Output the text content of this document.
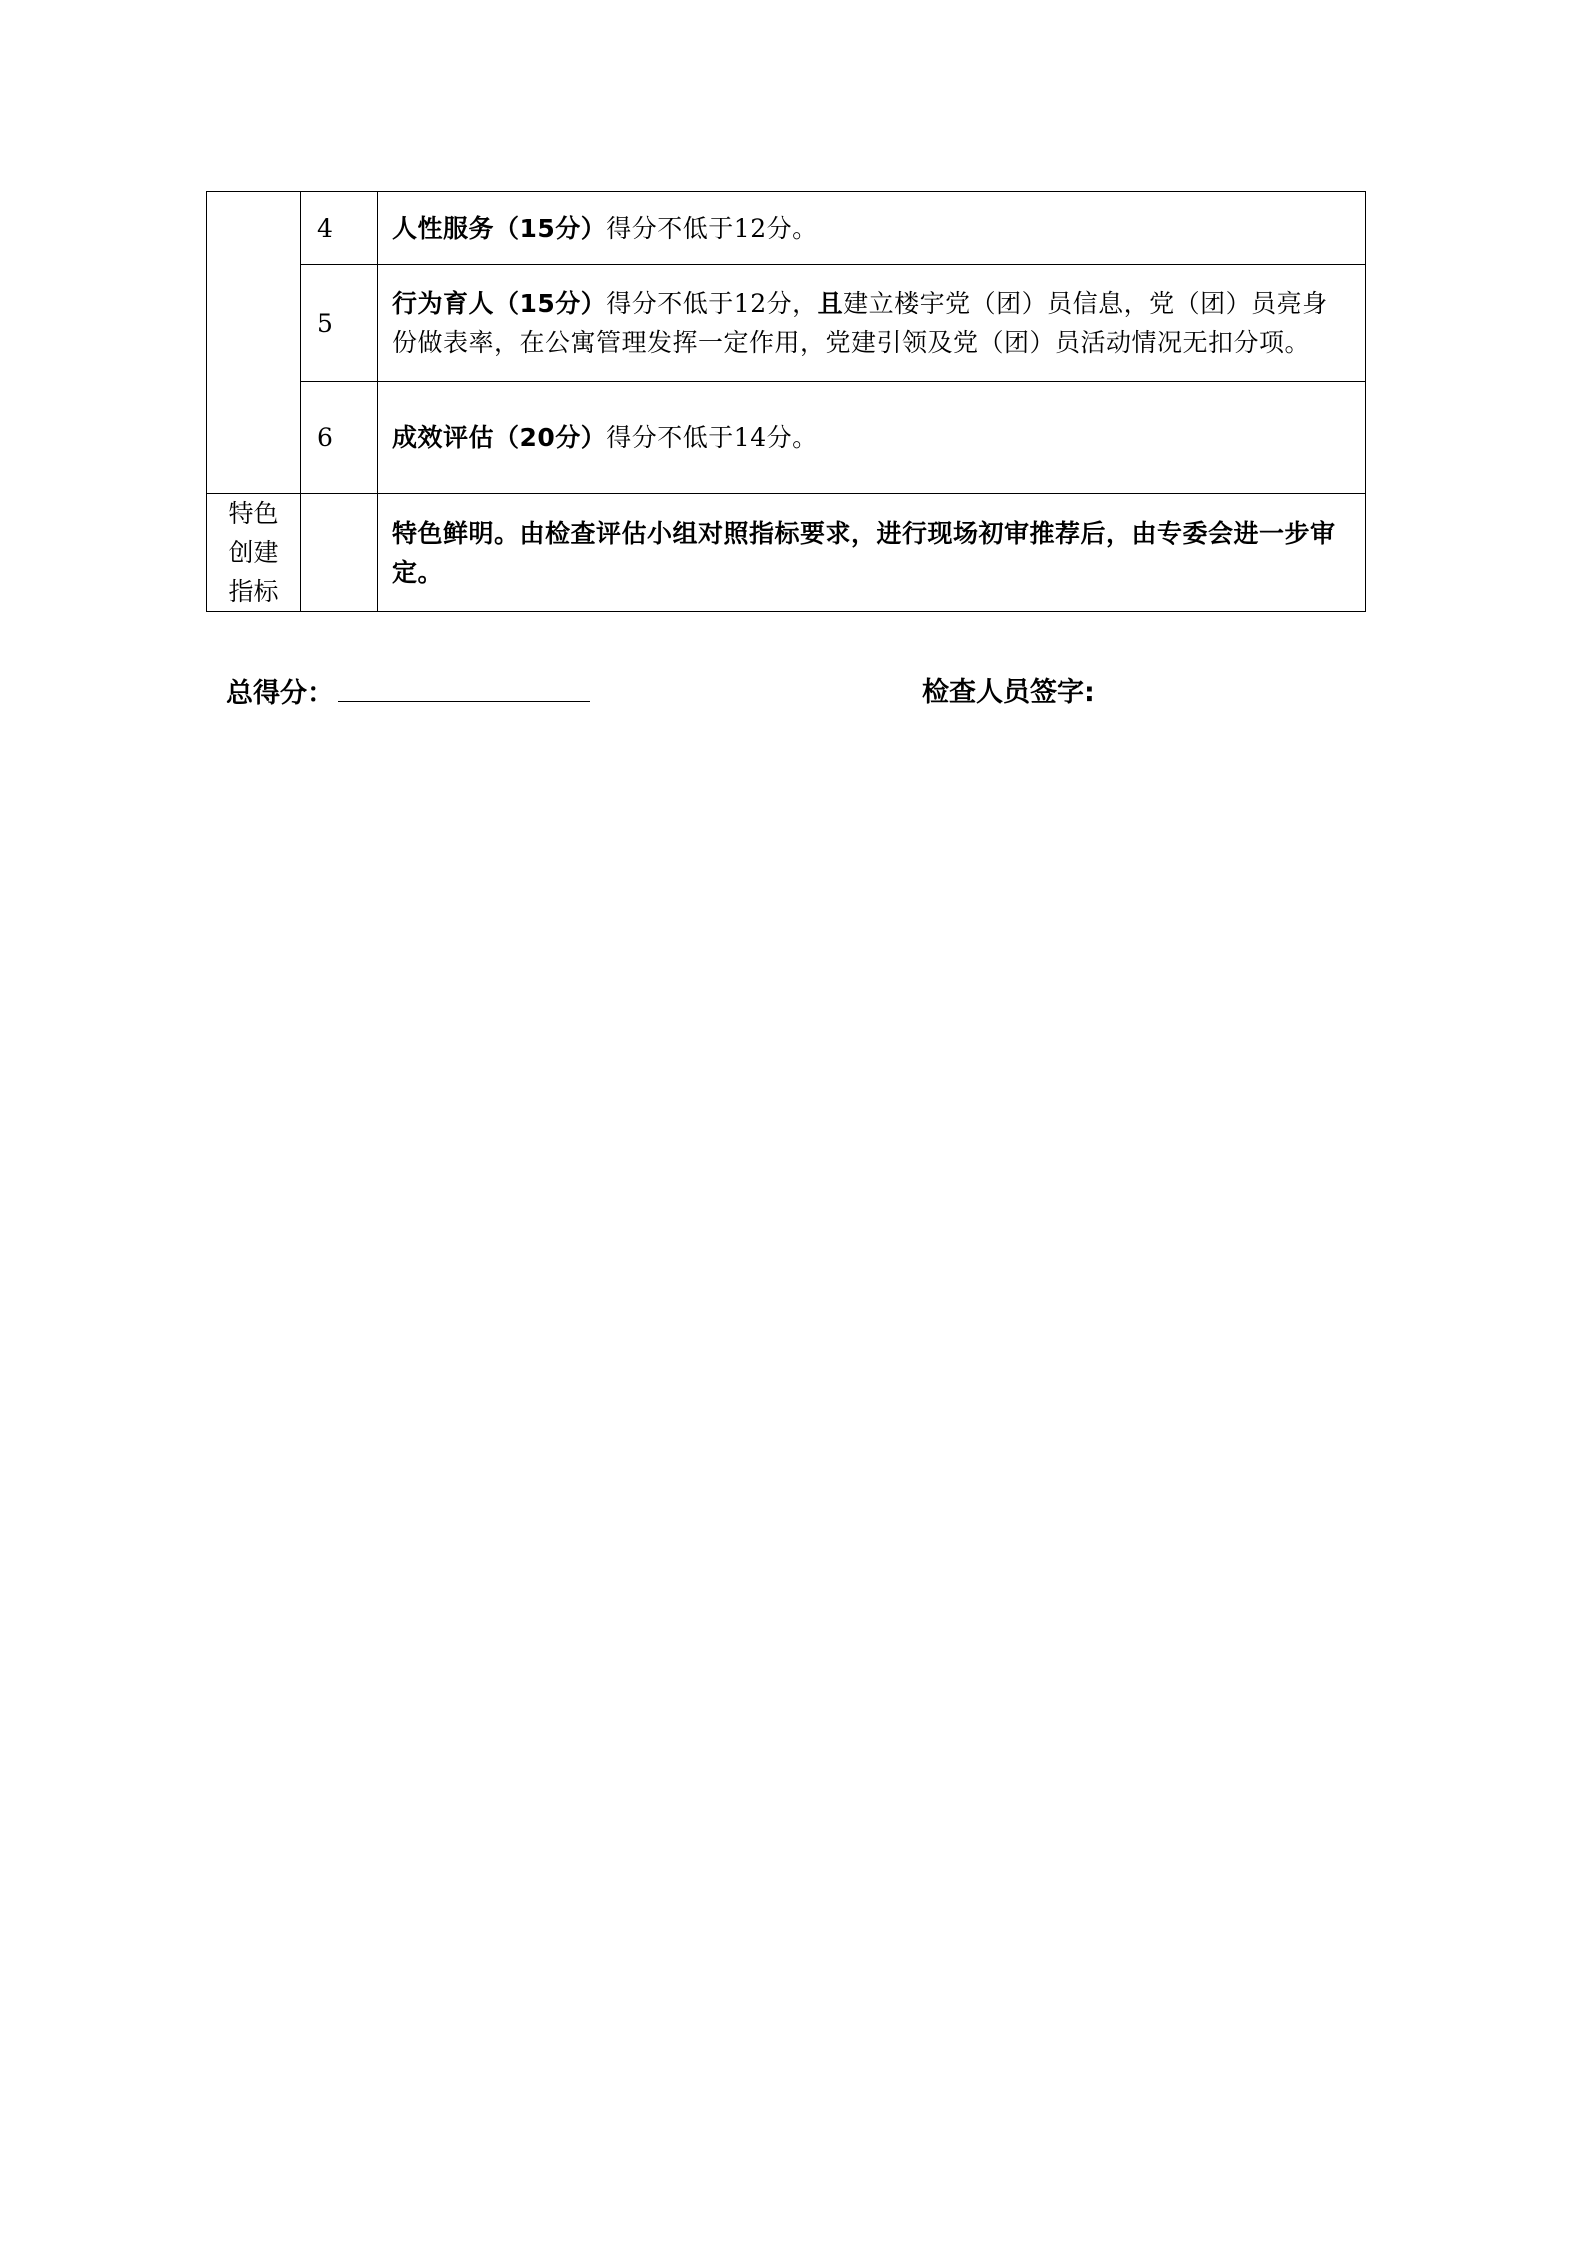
	4	人性服务（15分）得分不低于12分。
	5	行为育人（15分）得分不低于12分，且建立楼宇党（团）员信息，党（团）员亮身份做表率，在公寓管理发挥一定作用，党建引领及党（团）员活动情况无扣分项。
	6	成效评估（20分）得分不低于14分。

特色创建指标		特色鲜明。由检查评估小组对照指标要求，进行现场初审推荐后，由专委会进一步审定。
总得分：	检查人员签字:
